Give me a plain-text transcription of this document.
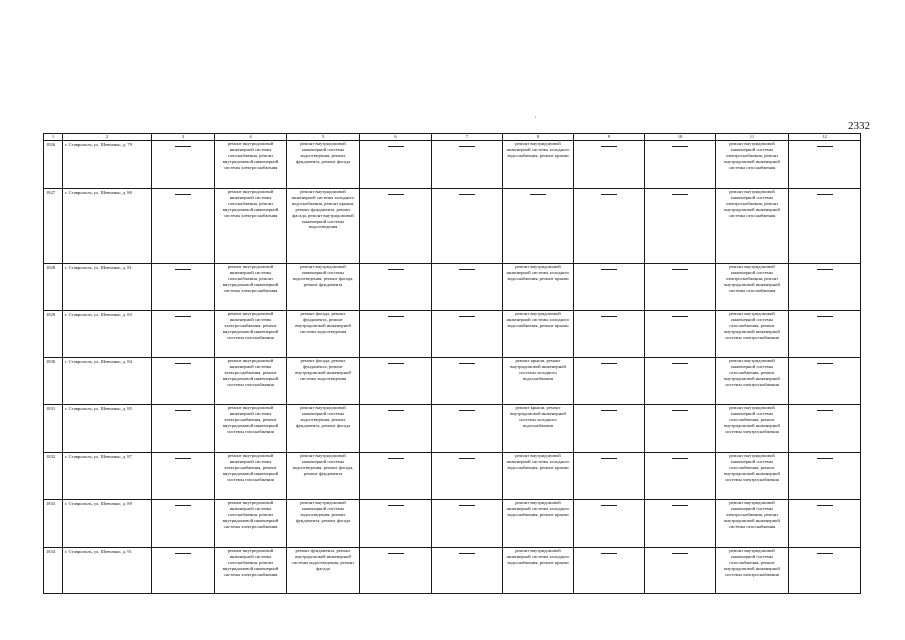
2332
,
1	2	3	4	5	6	7	8	9	10	11	12
1826	г. Ставрополь, ул. Шевченко, д. 79		ремонт внутридомовой инженерной системы газоснабжения, ремонт внутридомовой инженерной системы электроснабжения	ремонт внутридомовой инженерной системы водоотведения, ремонт фундамента, ремонт фасада			ремонт внутридомовой инженерной системы холодного водоснабжения, ремонт крыши			ремонт внутридомовой инженерной системы электроснабжения, ремонт внутридомовой инженерной системы газоснабжения	

1827	г. Ставрополь, ул. Шевченко, д. 80		ремонт внутридомовой инженерной системы газоснабжения, ремонт внутридомовой инженерной системы электроснабжения	ремонт внутридомовой инженерной системы холодного водоснабжения, ремонт крыши, ремонт фундамента, ремонт фасада, ремонт внутридомовой инженерной системы водоотведения						ремонт внутридомовой инженерной системы электроснабжения, ремонт внутридомовой инженерной системы газоснабжения	

1828	г. Ставрополь, ул. Шевченко, д. 81		ремонт внутридомовой инженерной системы газоснабжения, ремонт внутридомовой инженерной системы электроснабжения	ремонт внутридомовой инженерной системы водоотведения, ремонт фасада, ремонт фундамента			ремонт внутридомовой инженерной системы холодного водоснабжения, ремонт крыши			ремонт внутридомовой инженерной системы электроснабжения, ремонт внутридомовой инженерной системы газоснабжения	

1829	г. Ставрополь, ул. Шевченко, д. 83		ремонт внутридомовой инженерной системы электроснабжения, ремонт внутридомовой инженерной системы газоснабжения	ремонт фасада, ремонт фундамента, ремонт внутридомовой инженерной системы водоотведения			ремонт внутридомовой инженерной системы холодного водоснабжения, ремонт крыши			ремонт внутридомовой инженерной системы газоснабжения, ремонт внутридомовой инженерной системы электроснабжения	

1830	г. Ставрополь, ул. Шевченко, д. 84		ремонт внутридомовой инженерной системы электроснабжения, ремонт внутридомовой инженерной системы газоснабжения	ремонт фасада, ремонт фундамента, ремонт внутридомовой инженерной системы водоотведения			ремонт крыши, ремонт внутридомовой инженерной системы холодного водоснабжения			ремонт внутридомовой инженерной системы газоснабжения, ремонт внутридомовой инженерной системы электроснабжения	

1831	г. Ставрополь, ул. Шевченко, д. 85		ремонт внутридомовой инженерной системы электроснабжения, ремонт внутридомовой инженерной системы газоснабжения	ремонт внутридомовой инженерной системы водоотведения, ремонт фундамента, ремонт фасада			ремонт крыши, ремонт внутридомовой инженерной системы холодного водоснабжения			ремонт внутридомовой инженерной системы газоснабжения, ремонт внутридомовой инженерной системы электроснабжения	

1832	г. Ставрополь, ул. Шевченко, д. 87		ремонт внутридомовой инженерной системы электроснабжения, ремонт внутридомовой инженерной системы газоснабжения	ремонт внутридомовой инженерной системы водоотведения, ремонт фасада, ремонт фундамента			ремонт внутридомовой инженерной системы холодного водоснабжения, ремонт крыши			ремонт внутридомовой инженерной системы газоснабжения, ремонт внутридомовой инженерной системы электроснабжения	

1833	г. Ставрополь, ул. Шевченко, д. 89		ремонт внутридомовой инженерной системы газоснабжения, ремонт внутридомовой инженерной системы электроснабжения	ремонт внутридомовой инженерной системы водоотведения, ремонт фундамента, ремонт фасада			ремонт внутридомовой инженерной системы холодного водоснабжения, ремонт крыши			ремонт внутридомовой инженерной системы электроснабжения, ремонт внутридомовой инженерной системы газоснабжения	

1834	г. Ставрополь, ул. Шевченко, д. 91		ремонт внутридомовой инженерной системы газоснабжения, ремонт внутридомовой инженерной системы электроснабжения	ремонт фундамента, ремонт внутридомовой инженерной системы водоотведения, ремонт фасада			ремонт внутридомовой инженерной системы холодного водоснабжения, ремонт крыши			ремонт внутридомовой инженерной системы газоснабжения, ремонт внутридомовой инженерной системы электроснабжения	
